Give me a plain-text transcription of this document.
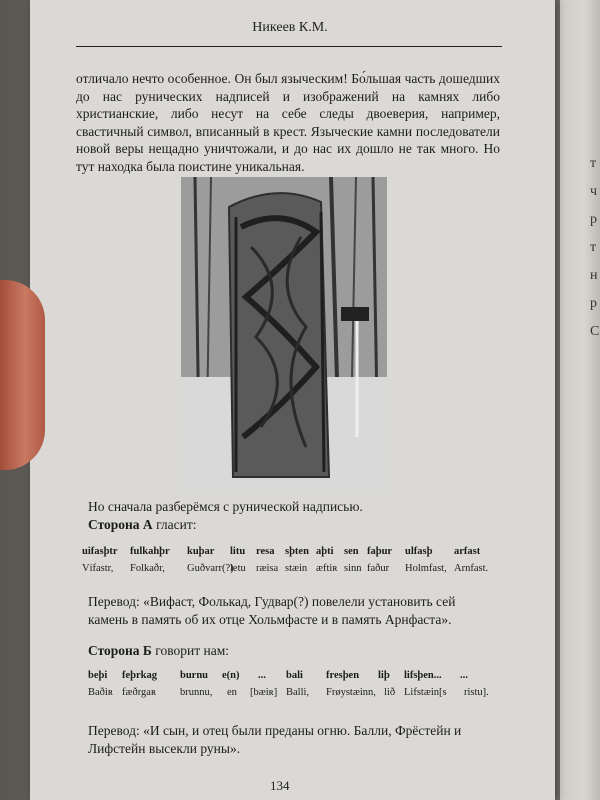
т
ч
р
т
н
р
С
Никеев К.М.
отличало нечто особенное. Он был языческим! Бо́льшая часть дошедших до нас рунических надписей и изображений на камнях либо христианские, либо несут на себе следы двоеверия, например, свастичный символ, вписанный в крест. Языческие камни последователи новой веры нещадно уничтожали, и до нас их дошло не так много. Но тут находка была поистине уникальная.
Но сначала разберёмся с рунической надписью.
Сторона А гласит:
uifasþtr fulkahþr kuþar litu resa sþten aþti sen faþur ulfasþ arfast
Vífastr, Folkaðr, Guðvarr(?)
letu ræisa stæin æftiʀ sinn faður Holmfast, Arnfast.
Перевод: «Вифаст, Фолькад, Гудвар(?) повелели установить сей камень в память об их отце Хольмфасте и в память Арнфаста».
Сторона Б говорит нам:
beþi feþrkag burnu e(n) ... bali fresþen liþ lifsþen... ...
Baðiʀ fæðrgaʀ brunnu, en [bæiʀ] Balli, Frøystæinn, lið Lifstæin[s ristu].
Перевод: «И сын, и отец были преданы огню. Балли, Фрёстейн и Лифстейн высекли руны».
134
